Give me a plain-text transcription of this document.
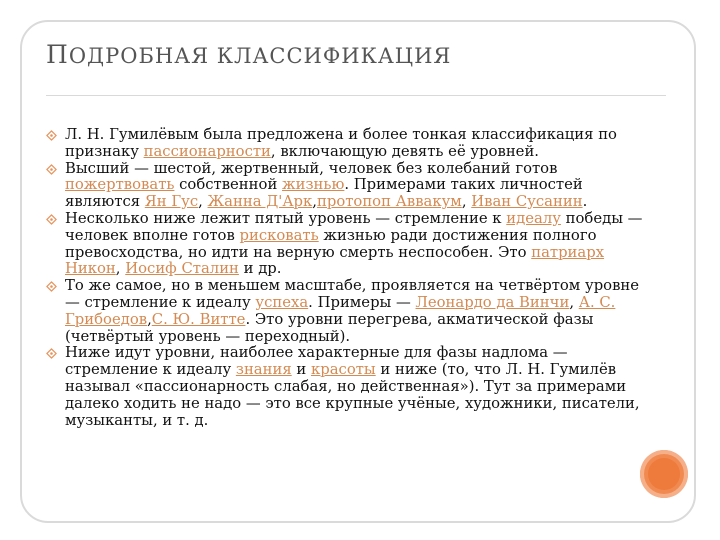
ПОДРОБНАЯ КЛАССИФИКАЦИЯ
Л. Н. Гумилёвым была предложена и более тонкая классификация по признаку пассионарности, включающую девять её уровней.
Высший — шестой, жертвенный, человек без колебаний готов пожертвовать собственной жизнью. Примерами таких личностей являются Ян Гус, Жанна Д'Арк,протопоп Аввакум, Иван Сусанин.
Несколько ниже лежит пятый уровень — стремление к идеалу победы — человек вполне готов рисковать жизнью ради достижения полного превосходства, но идти на верную смерть неспособен. Это патриарх Никон, Иосиф Сталин и др.
То же самое, но в меньшем масштабе, проявляется на четвёртом уровне — стремление к идеалу успеха. Примеры — Леонардо да Винчи, А. С. Грибоедов,С. Ю. Витте. Это уровни перегрева, акматической фазы (четвёртый уровень — переходный).
Ниже идут уровни, наиболее характерные для фазы надлома — стремление к идеалу знания и красоты и ниже (то, что Л. Н. Гумилёв называл «пассионарность слабая, но действенная»). Тут за примерами далеко ходить не надо — это все крупные учёные, художники, писатели, музыканты, и т. д.
